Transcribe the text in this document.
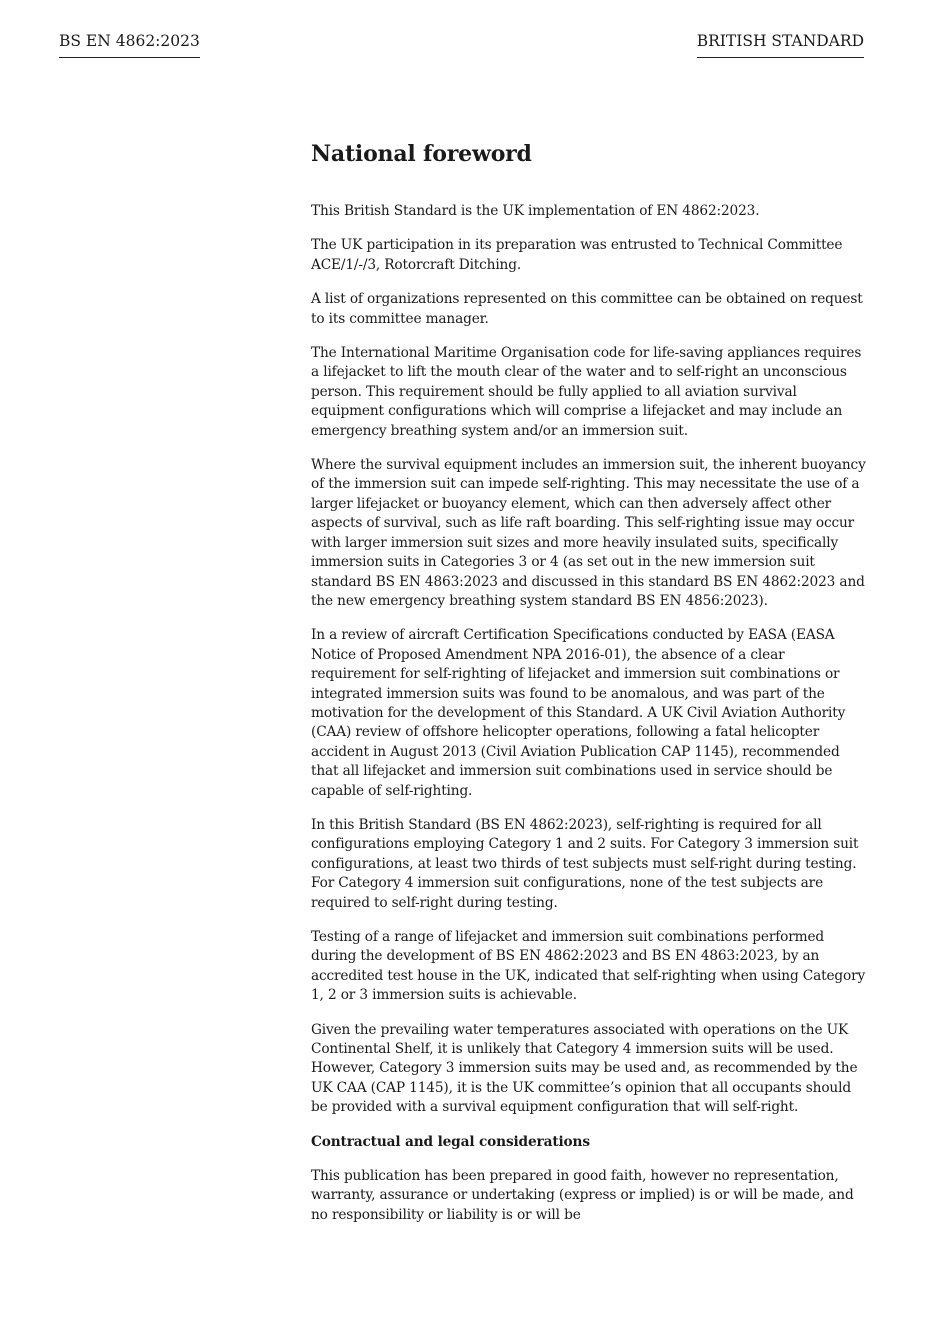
BS EN 4862:2023	BRITISH STANDARD
National foreword

This British Standard is the UK implementation of EN 4862:2023.

The UK participation in its preparation was entrusted to Technical Committee ACE/1/-/3, Rotorcraft Ditching.

A list of organizations represented on this committee can be obtained on request to its committee manager.

The International Maritime Organisation code for life-saving appliances requires a lifejacket to lift the mouth clear of the water and to self-right an unconscious person. This requirement should be fully applied to all aviation survival equipment configurations which will comprise a lifejacket and may include an emergency breathing system and/or an immersion suit.

Where the survival equipment includes an immersion suit, the inherent buoyancy of the immersion suit can impede self-righting. This may necessitate the use of a larger lifejacket or buoyancy element, which can then adversely affect other aspects of survival, such as life raft boarding. This self-righting issue may occur with larger immersion suit sizes and more heavily insulated suits, specifically immersion suits in Categories 3 or 4 (as set out in the new immersion suit standard BS EN 4863:2023 and discussed in this standard BS EN 4862:2023 and the new emergency breathing system standard BS EN 4856:2023).

In a review of aircraft Certification Specifications conducted by EASA (EASA Notice of Proposed Amendment NPA 2016-01), the absence of a clear requirement for self-righting of lifejacket and immersion suit combinations or integrated immersion suits was found to be anomalous, and was part of the motivation for the development of this Standard. A UK Civil Aviation Authority (CAA) review of offshore helicopter operations, following a fatal helicopter accident in August 2013 (Civil Aviation Publication CAP 1145), recommended that all lifejacket and immersion suit combinations used in service should be capable of self-righting.

In this British Standard (BS EN 4862:2023), self-righting is required for all configurations employing Category 1 and 2 suits. For Category 3 immersion suit configurations, at least two thirds of test subjects must self-right during testing. For Category 4 immersion suit configurations, none of the test subjects are required to self-right during testing.

Testing of a range of lifejacket and immersion suit combinations performed during the development of BS EN 4862:2023 and BS EN 4863:2023, by an accredited test house in the UK, indicated that self-righting when using Category 1, 2 or 3 immersion suits is achievable.

Given the prevailing water temperatures associated with operations on the UK Continental Shelf, it is unlikely that Category 4 immersion suits will be used. However, Category 3 immersion suits may be used and, as recommended by the UK CAA (CAP 1145), it is the UK committee’s opinion that all occupants should be provided with a survival equipment configuration that will self-right.

Contractual and legal considerations

This publication has been prepared in good faith, however no representation, warranty, assurance or undertaking (express or implied) is or will be made, and no responsibility or liability is or will be
